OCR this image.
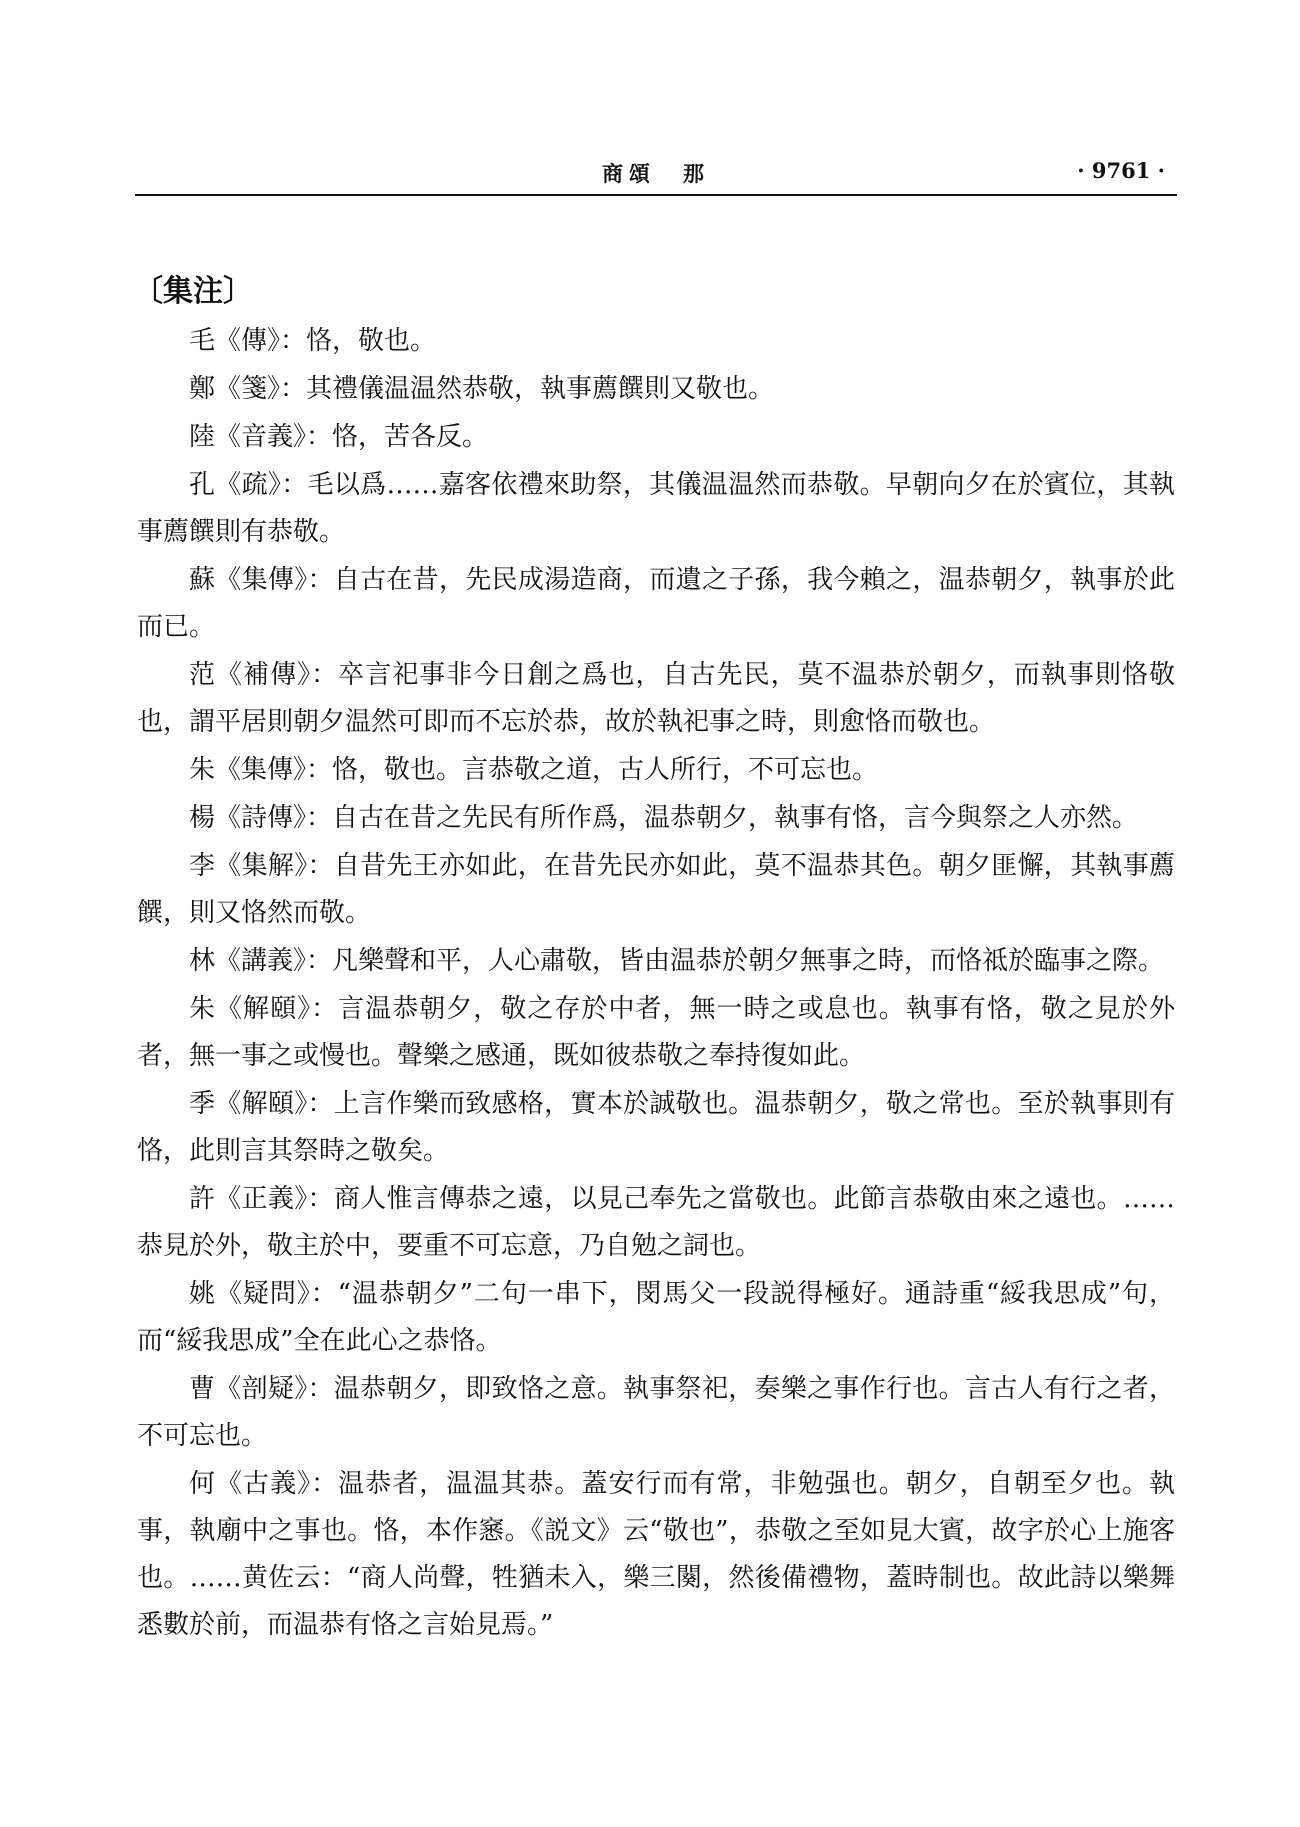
商頌　那	· 9761 ·
〔集注〕

毛《傳》：恪，敬也。

鄭《箋》：其禮儀温温然恭敬，執事薦饌則又敬也。

陸《音義》：恪，苦各反。

孔《疏》：毛以爲……嘉客依禮來助祭，其儀温温然而恭敬。早朝向夕在於賓位，其執事薦饌則有恭敬。

蘇《集傳》：自古在昔，先民成湯造商，而遺之子孫，我今賴之，温恭朝夕，執事於此而已。

范《補傳》：卒言祀事非今日創之爲也，自古先民，莫不温恭於朝夕，而執事則恪敬也，謂平居則朝夕温然可即而不忘於恭，故於執祀事之時，則愈恪而敬也。

朱《集傳》：恪，敬也。言恭敬之道，古人所行，不可忘也。

楊《詩傳》：自古在昔之先民有所作爲，温恭朝夕，執事有恪，言今與祭之人亦然。

李《集解》：自昔先王亦如此，在昔先民亦如此，莫不温恭其色。朝夕匪懈，其執事薦饌，則又恪然而敬。

林《講義》：凡樂聲和平，人心肅敬，皆由温恭於朝夕無事之時，而恪祗於臨事之際。

朱《解頤》：言温恭朝夕，敬之存於中者，無一時之或息也。執事有恪，敬之見於外者，無一事之或慢也。聲樂之感通，既如彼恭敬之奉持復如此。

季《解頤》：上言作樂而致感格，實本於誠敬也。温恭朝夕，敬之常也。至於執事則有恪，此則言其祭時之敬矣。

許《正義》：商人惟言傳恭之遠，以見己奉先之當敬也。此節言恭敬由來之遠也。……恭見於外，敬主於中，要重不可忘意，乃自勉之詞也。

姚《疑問》：“温恭朝夕”二句一串下，閔馬父一段説得極好。通詩重“綏我思成”句，而“綏我思成”全在此心之恭恪。

曹《剖疑》：温恭朝夕，即致恪之意。執事祭祀，奏樂之事作行也。言古人有行之者，不可忘也。

何《古義》：温恭者，温温其恭。蓋安行而有常，非勉强也。朝夕，自朝至夕也。執事，執廟中之事也。恪，本作窸。《説文》云“敬也”，恭敬之至如見大賓，故字於心上施客也。……黄佐云：“商人尚聲，牲猶未入，樂三闋，然後備禮物，蓋時制也。故此詩以樂舞悉數於前，而温恭有恪之言始見焉。”
